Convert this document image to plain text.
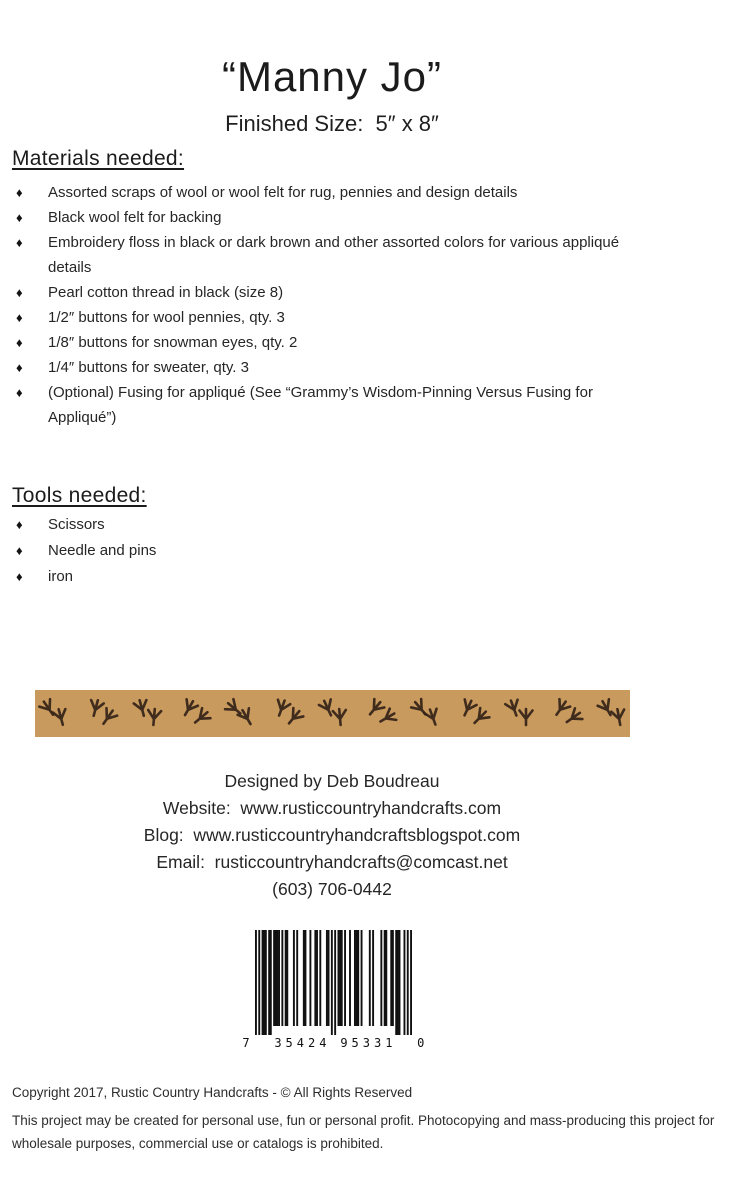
“Manny Jo”
Finished Size:  5″ x 8″
Materials needed:
♦ Assorted scraps of wool or wool felt for rug, pennies and design details
♦ Black wool felt for backing
♦ Embroidery floss in black or dark brown and other assorted colors for various appliqué details
♦ Pearl cotton thread in black (size 8)
♦ 1/2″ buttons for wool pennies, qty. 3
♦ 1/8″ buttons for snowman eyes, qty. 2
♦ 1/4″ buttons for sweater, qty. 3
♦ (Optional) Fusing for appliqué (See “Grammy’s Wisdom-Pinning Versus Fusing for Appliqué”)
Tools needed:
♦ Scissors
♦ Needle and pins
♦ iron
Designed by Deb Boudreau
Website:  www.rusticcountryhandcrafts.com
Blog:  www.rusticcountryhandcraftsblogspot.com
Email:  rusticcountryhandcrafts@comcast.net
(603) 706-0442
7 35424 95331 0

Copyright 2017, Rustic Country Handcrafts - © All Rights Reserved

This project may be created for personal use, fun or personal profit. Photocopying and mass-producing this project for wholesale purposes, commercial use or catalogs is prohibited.
